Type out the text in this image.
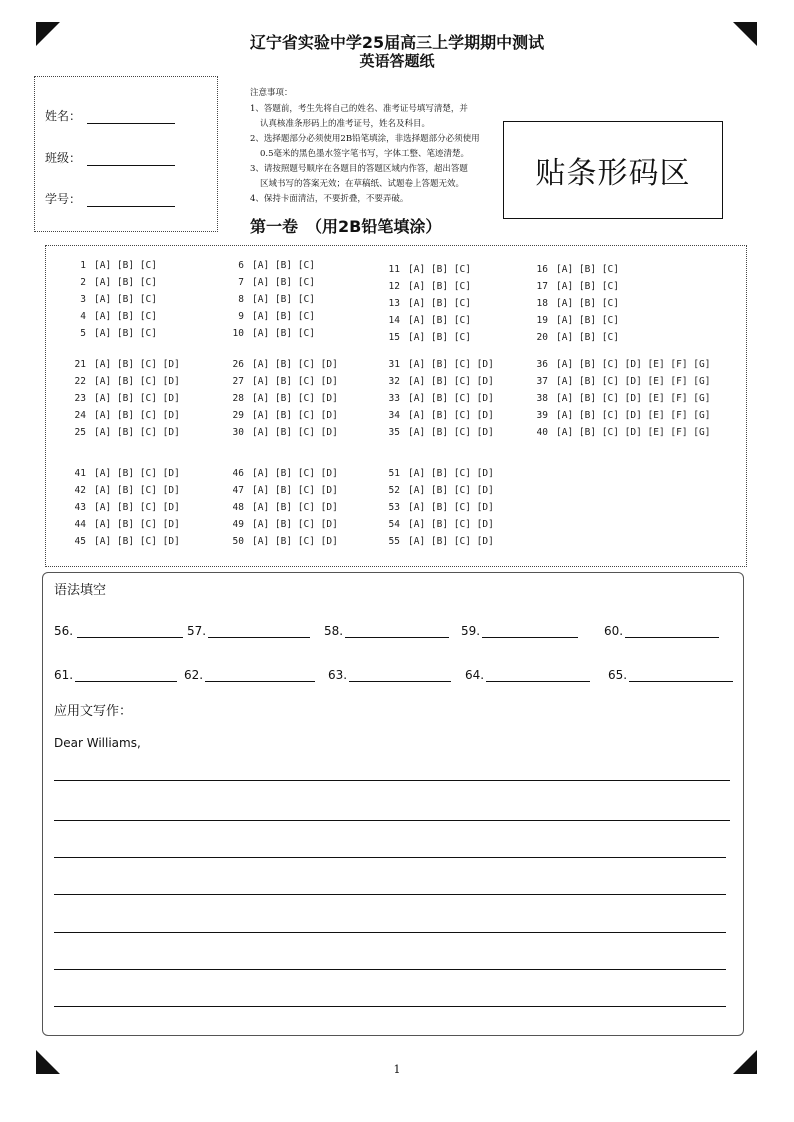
辽宁省实验中学25届高三上学期期中测试
英语答题纸
姓名：
班级：
学号：
注意事项：
1、答题前，考生先将自己的姓名、准考证号填写清楚，并
认真核准条形码上的准考证号，姓名及科目。
2、选择题部分必须使用2B铅笔填涂，非选择题部分必须使用
0.5毫米的黑色墨水签字笔书写，字体工整、笔迹清楚。
3、请按照题号顺序在各题目的答题区域内作答，超出答题
区域书写的答案无效；在草稿纸、试题卷上答题无效。
4、保持卡面清洁，不要折叠，不要弄破。
贴条形码区
第一卷　（用2B铅笔填涂）
1 [A] [B] [C]
2 [A] [B] [C]
3 [A] [B] [C]
4 [A] [B] [C]
5 [A] [B] [C]
6 [A] [B] [C]
7 [A] [B] [C]
8 [A] [B] [C]
9 [A] [B] [C]
10 [A] [B] [C]
11 [A] [B] [C]
12 [A] [B] [C]
13 [A] [B] [C]
14 [A] [B] [C]
15 [A] [B] [C]
16 [A] [B] [C]
17 [A] [B] [C]
18 [A] [B] [C]
19 [A] [B] [C]
20 [A] [B] [C]
21 [A] [B] [C] [D]
22 [A] [B] [C] [D]
23 [A] [B] [C] [D]
24 [A] [B] [C] [D]
25 [A] [B] [C] [D]
26 [A] [B] [C] [D]
27 [A] [B] [C] [D]
28 [A] [B] [C] [D]
29 [A] [B] [C] [D]
30 [A] [B] [C] [D]
31 [A] [B] [C] [D]
32 [A] [B] [C] [D]
33 [A] [B] [C] [D]
34 [A] [B] [C] [D]
35 [A] [B] [C] [D]
36 [A] [B] [C] [D] [E] [F] [G]
37 [A] [B] [C] [D] [E] [F] [G]
38 [A] [B] [C] [D] [E] [F] [G]
39 [A] [B] [C] [D] [E] [F] [G]
40 [A] [B] [C] [D] [E] [F] [G]
41 [A] [B] [C] [D]
42 [A] [B] [C] [D]
43 [A] [B] [C] [D]
44 [A] [B] [C] [D]
45 [A] [B] [C] [D]
46 [A] [B] [C] [D]
47 [A] [B] [C] [D]
48 [A] [B] [C] [D]
49 [A] [B] [C] [D]
50 [A] [B] [C] [D]
51 [A] [B] [C] [D]
52 [A] [B] [C] [D]
53 [A] [B] [C] [D]
54 [A] [B] [C] [D]
55 [A] [B] [C] [D]
语法填空
56.	57.	58.	59.	60.
61.	62.	63.	64.	65.
应用文写作：
Dear Williams,
1
